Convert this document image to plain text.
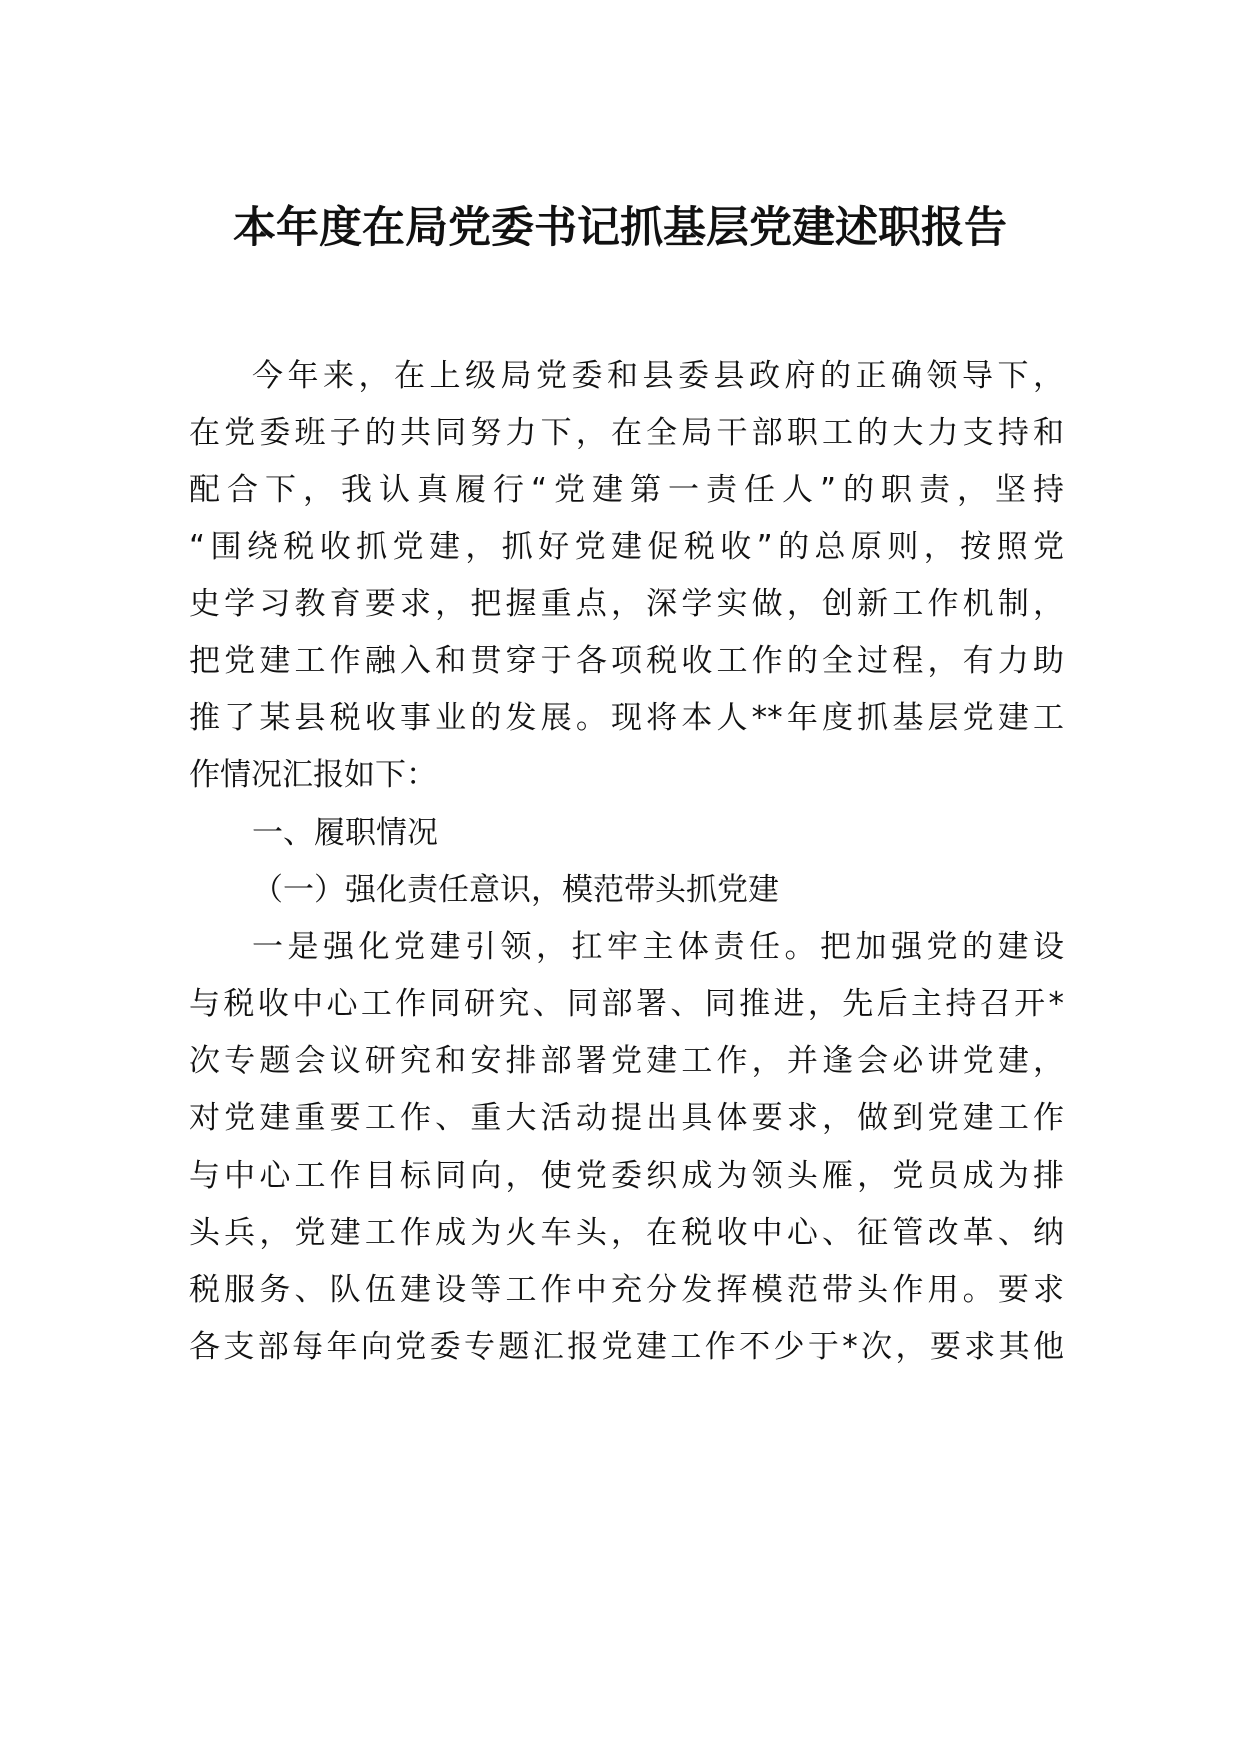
本年度在局党委书记抓基层党建述职报告

今年来，在上级局党委和县委县政府的正确领导下，

在党委班子的共同努力下，在全局干部职工的大力支持和

配合下，我认真履行“党建第一责任人”的职责，坚持

“围绕税收抓党建，抓好党建促税收”的总原则，按照党

史学习教育要求，把握重点，深学实做，创新工作机制，

把党建工作融入和贯穿于各项税收工作的全过程，有力助

推了某县税收事业的发展。现将本人**年度抓基层党建工

作情况汇报如下：

一、履职情况

（一）强化责任意识，模范带头抓党建

一是强化党建引领，扛牢主体责任。把加强党的建设

与税收中心工作同研究、同部署、同推进，先后主持召开*

次专题会议研究和安排部署党建工作，并逢会必讲党建，

对党建重要工作、重大活动提出具体要求，做到党建工作

与中心工作目标同向，使党委织成为领头雁，党员成为排

头兵，党建工作成为火车头，在税收中心、征管改革、纳

税服务、队伍建设等工作中充分发挥模范带头作用。要求

各支部每年向党委专题汇报党建工作不少于*次，要求其他
